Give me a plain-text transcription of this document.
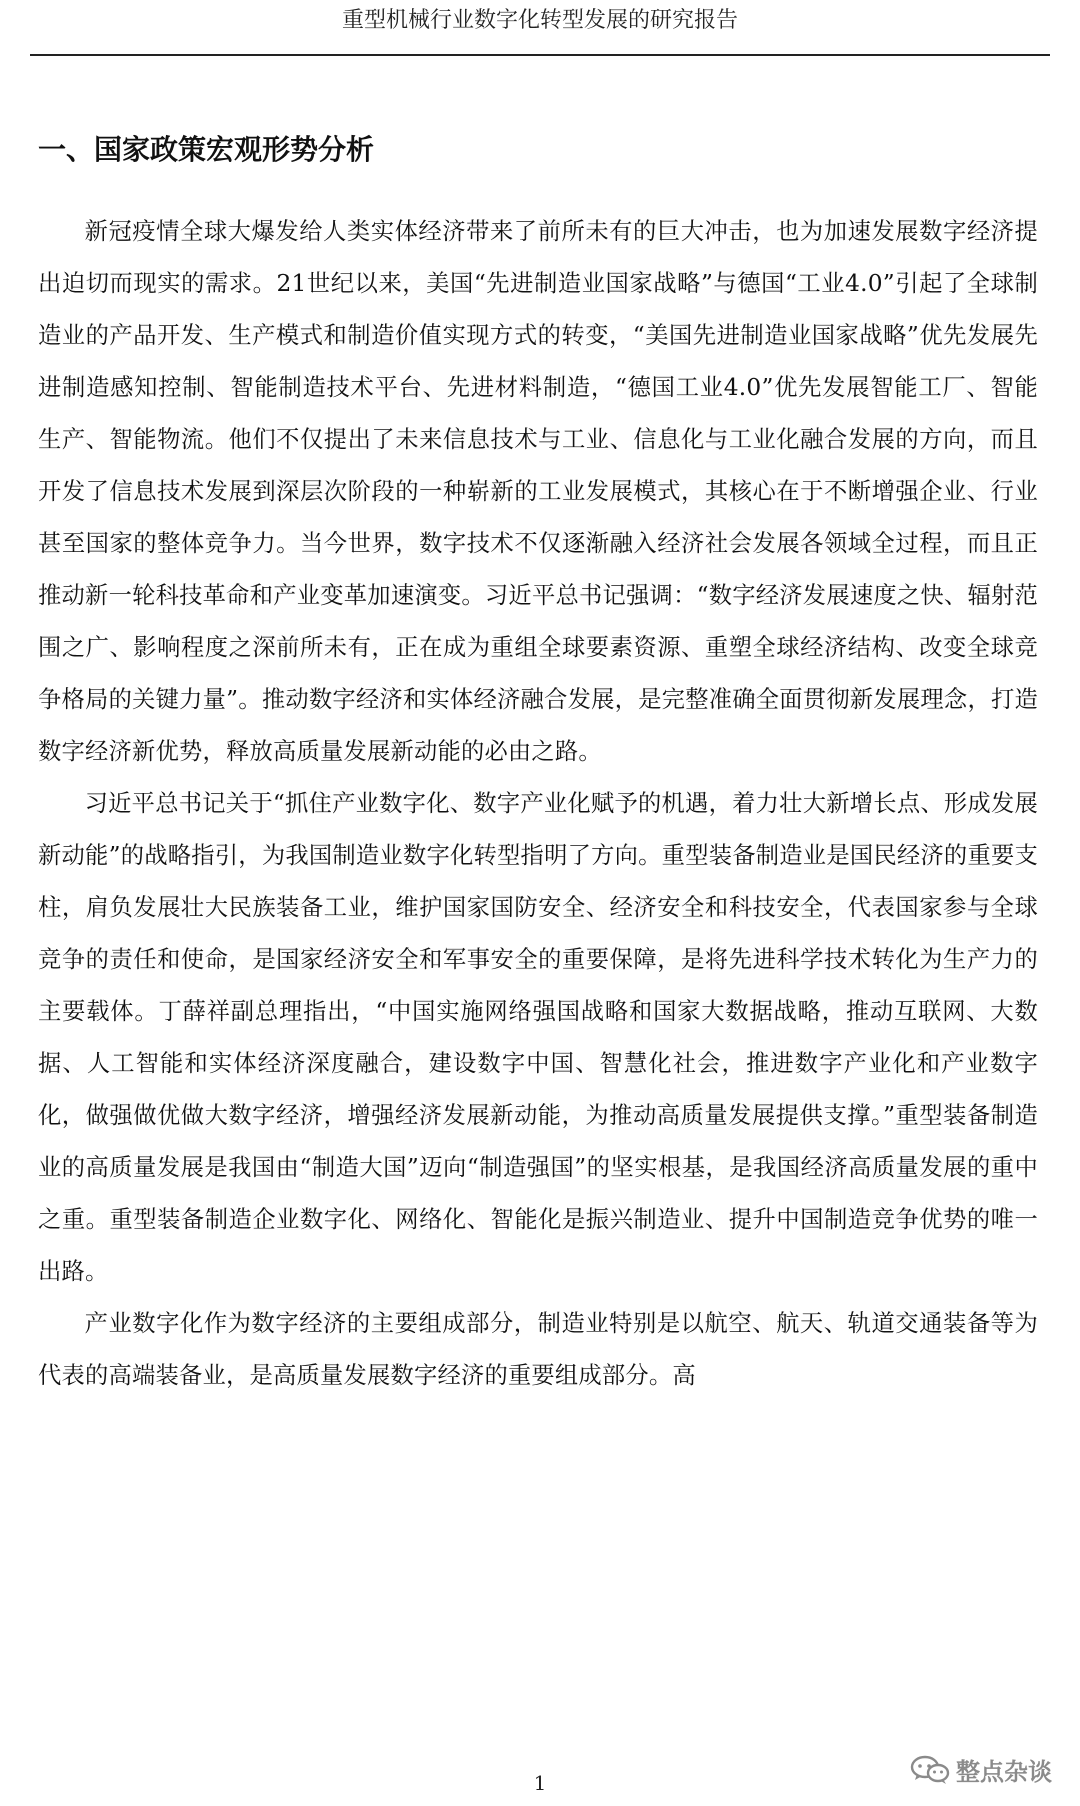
重型机械行业数字化转型发展的研究报告
一、国家政策宏观形势分析

新冠疫情全球大爆发给人类实体经济带来了前所未有的巨大冲击，也为加速发展数字经济提出迫切而现实的需求。21世纪以来，美国“先进制造业国家战略”与德国“工业4.0”引起了全球制造业的产品开发、生产模式和制造价值实现方式的转变，“美国先进制造业国家战略”优先发展先进制造感知控制、智能制造技术平台、先进材料制造，“德国工业4.0”优先发展智能工厂、智能生产、智能物流。他们不仅提出了未来信息技术与工业、信息化与工业化融合发展的方向，而且开发了信息技术发展到深层次阶段的一种崭新的工业发展模式，其核心在于不断增强企业、行业甚至国家的整体竞争力。当今世界，数字技术不仅逐渐融入经济社会发展各领域全过程，而且正推动新一轮科技革命和产业变革加速演变。习近平总书记强调：“数字经济发展速度之快、辐射范围之广、影响程度之深前所未有，正在成为重组全球要素资源、重塑全球经济结构、改变全球竞争格局的关键力量”。推动数字经济和实体经济融合发展，是完整准确全面贯彻新发展理念，打造数字经济新优势，释放高质量发展新动能的必由之路。

习近平总书记关于“抓住产业数字化、数字产业化赋予的机遇，着力壮大新增长点、形成发展新动能”的战略指引，为我国制造业数字化转型指明了方向。重型装备制造业是国民经济的重要支柱，肩负发展壮大民族装备工业，维护国家国防安全、经济安全和科技安全，代表国家参与全球竞争的责任和使命，是国家经济安全和军事安全的重要保障，是将先进科学技术转化为生产力的主要载体。丁薛祥副总理指出，“中国实施网络强国战略和国家大数据战略，推动互联网、大数据、人工智能和实体经济深度融合，建设数字中国、智慧化社会，推进数字产业化和产业数字化，做强做优做大数字经济，增强经济发展新动能，为推动高质量发展提供支撑。”重型装备制造业的高质量发展是我国由“制造大国”迈向“制造强国”的坚实根基，是我国经济高质量发展的重中之重。重型装备制造企业数字化、网络化、智能化是振兴制造业、提升中国制造竞争优势的唯一出路。

产业数字化作为数字经济的主要组成部分，制造业特别是以航空、航天、轨道交通装备等为代表的高端装备业，是高质量发展数字经济的重要组成部分。高

1	整点杂谈
